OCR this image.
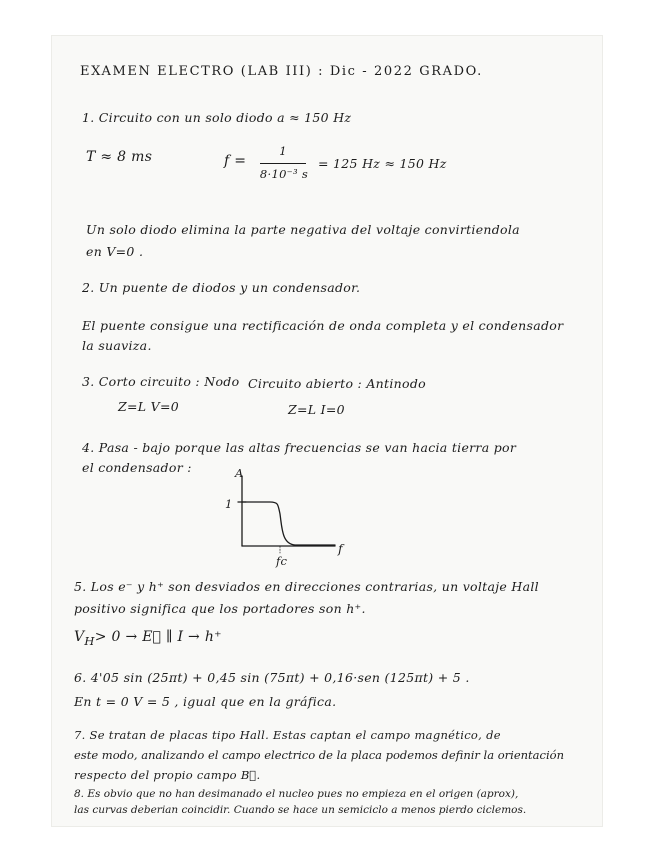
EXAMEN ELECTRO (LAB III) : Dic - 2022 GRADO.
1. Circuito con un solo diodo a ≈ 150 Hz
T ≈ 8 ms	f =
1
8·10⁻³ s
= 125 Hz ≈ 150 Hz
Un solo diodo elimina la parte negativa del voltaje convirtiendola
en V=0 .
2. Un puente de diodos y un condensador.
El puente consigue una rectificación de onda completa y el condensador
la suaviza.
3. Corto circuito : Nodo
Z=L V=0
Circuito abierto : Antinodo
Z=L I=0
4. Pasa - bajo porque las altas frecuencias se van hacia tierra por
el condensador :
1
A
f
fc
5. Los e⁻ y h⁺ son desviados en direcciones contrarias, un voltaje Hall
positivo significa que los portadores son h⁺.
$V_H> 0$ → E⃗ ∥ I → h⁺
6. 4'05 sin (25πt) + 0,45 sin (75πt) + 0,16·sen (125πt) + 5 .
En t = 0 V = 5 , igual que en la gráfica.
7. Se tratan de placas tipo Hall. Estas captan el campo magnético, de
este modo, analizando el campo electrico de la placa podemos definir la orientación
respecto del propio campo B⃗.
8. Es obvio que no han desimanado el nucleo pues no empieza en el origen (aprox),
las curvas deberian coincidir. Cuando se hace un semiciclo a menos pierdo ciclemos.
